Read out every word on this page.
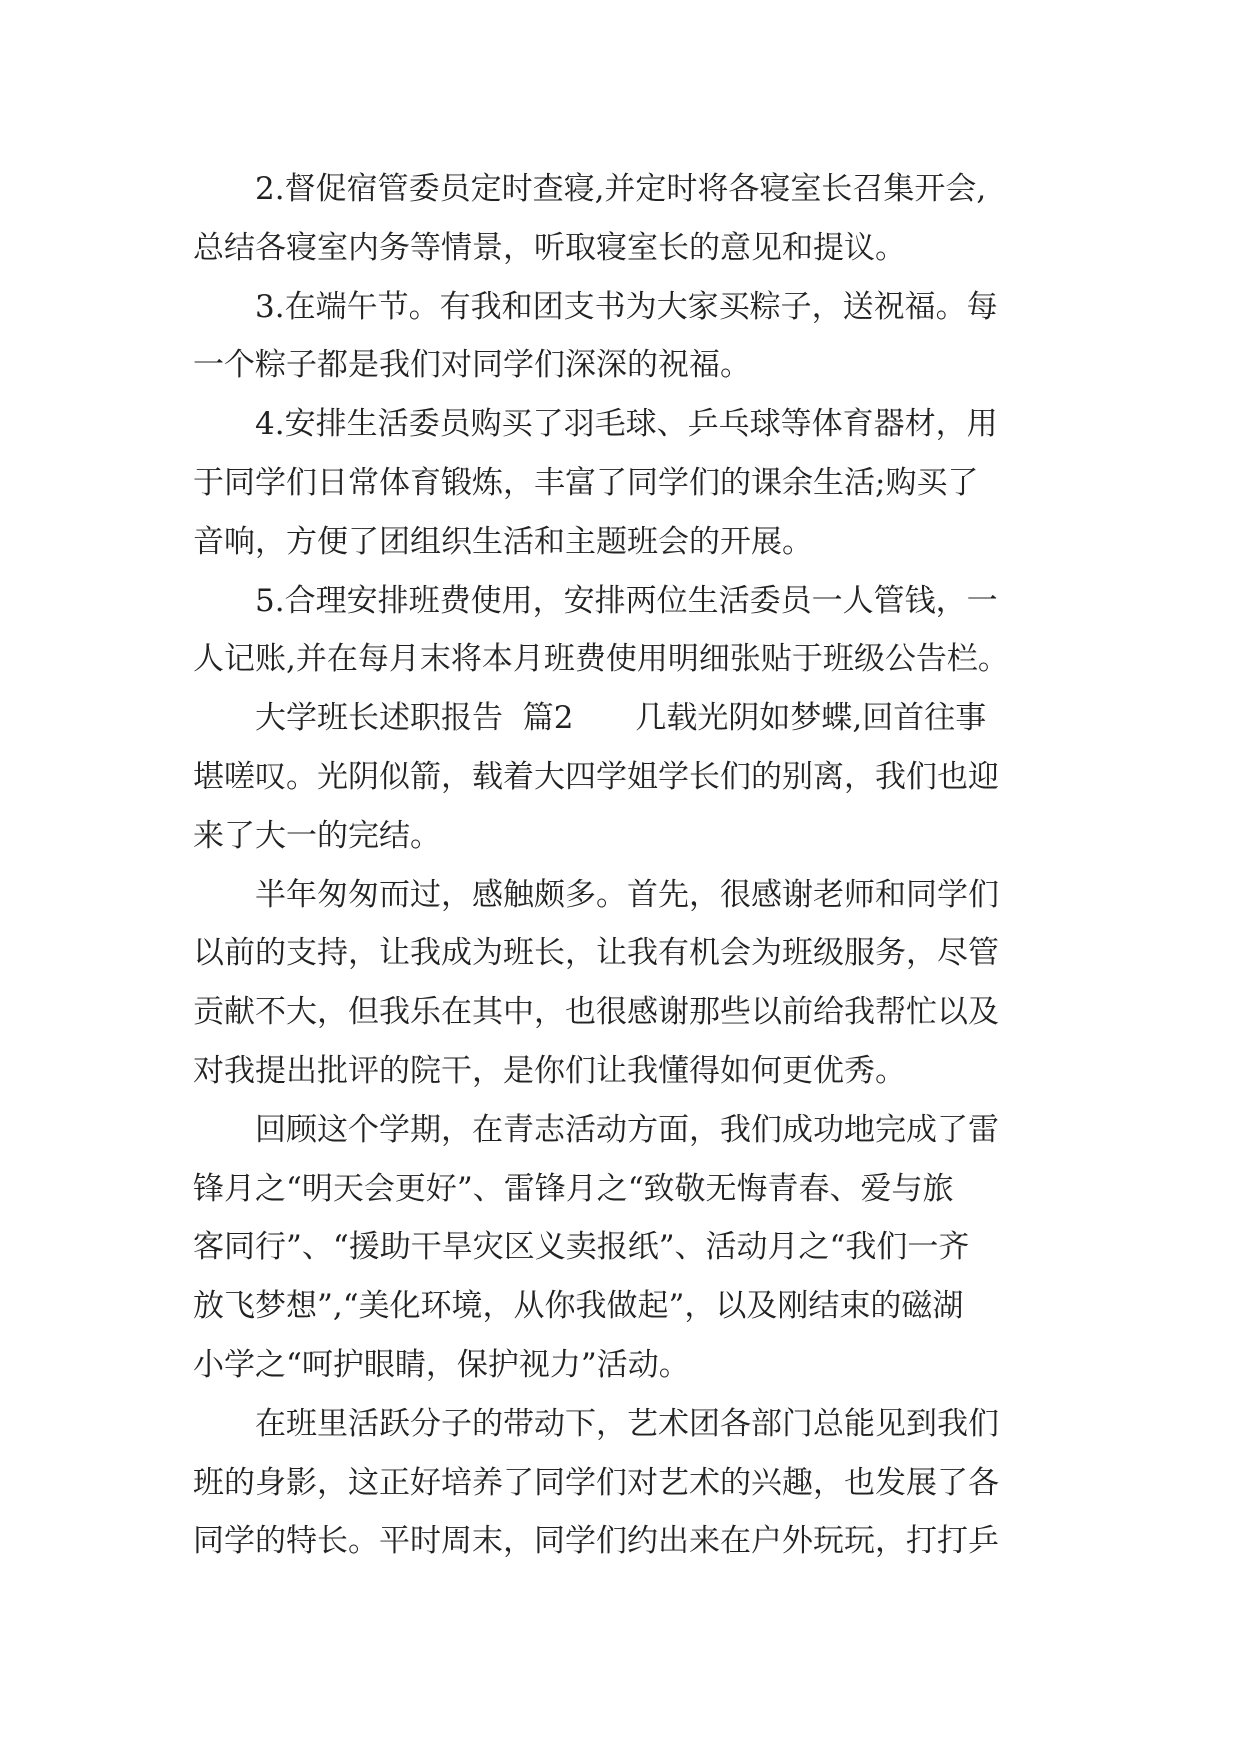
　　2.督促宿管委员定时查寝,并定时将各寝室长召集开会,
总结各寝室内务等情景，听取寝室长的意见和提议。
　　3.在端午节。有我和团支书为大家买粽子，送祝福。每
一个粽子都是我们对同学们深深的祝福。
　　4.安排生活委员购买了羽毛球、乒乓球等体育器材，用
于同学们日常体育锻炼，丰富了同学们的课余生活;购买了
音响，方便了团组织生活和主题班会的开展。
　　5.合理安排班费使用，安排两位生活委员一人管钱，一
人记账,并在每月末将本月班费使用明细张贴于班级公告栏。
　　大学班长述职报告  篇2　　几载光阴如梦蝶,回首往事
堪嗟叹。光阴似箭，载着大四学姐学长们的别离，我们也迎
来了大一的完结。
　　半年匆匆而过，感触颇多。首先，很感谢老师和同学们
以前的支持，让我成为班长，让我有机会为班级服务，尽管
贡献不大，但我乐在其中，也很感谢那些以前给我帮忙以及
对我提出批评的院干，是你们让我懂得如何更优秀。
　　回顾这个学期，在青志活动方面，我们成功地完成了雷
锋月之“明天会更好”、雷锋月之“致敬无悔青春、爱与旅
客同行”、“援助干旱灾区义卖报纸”、活动月之“我们一齐
放飞梦想”,“美化环境，从你我做起”，以及刚结束的磁湖
小学之“呵护眼睛，保护视力”活动。
　　在班里活跃分子的带动下，艺术团各部门总能见到我们
班的身影，这正好培养了同学们对艺术的兴趣，也发展了各
同学的特长。平时周末，同学们约出来在户外玩玩，打打乒
